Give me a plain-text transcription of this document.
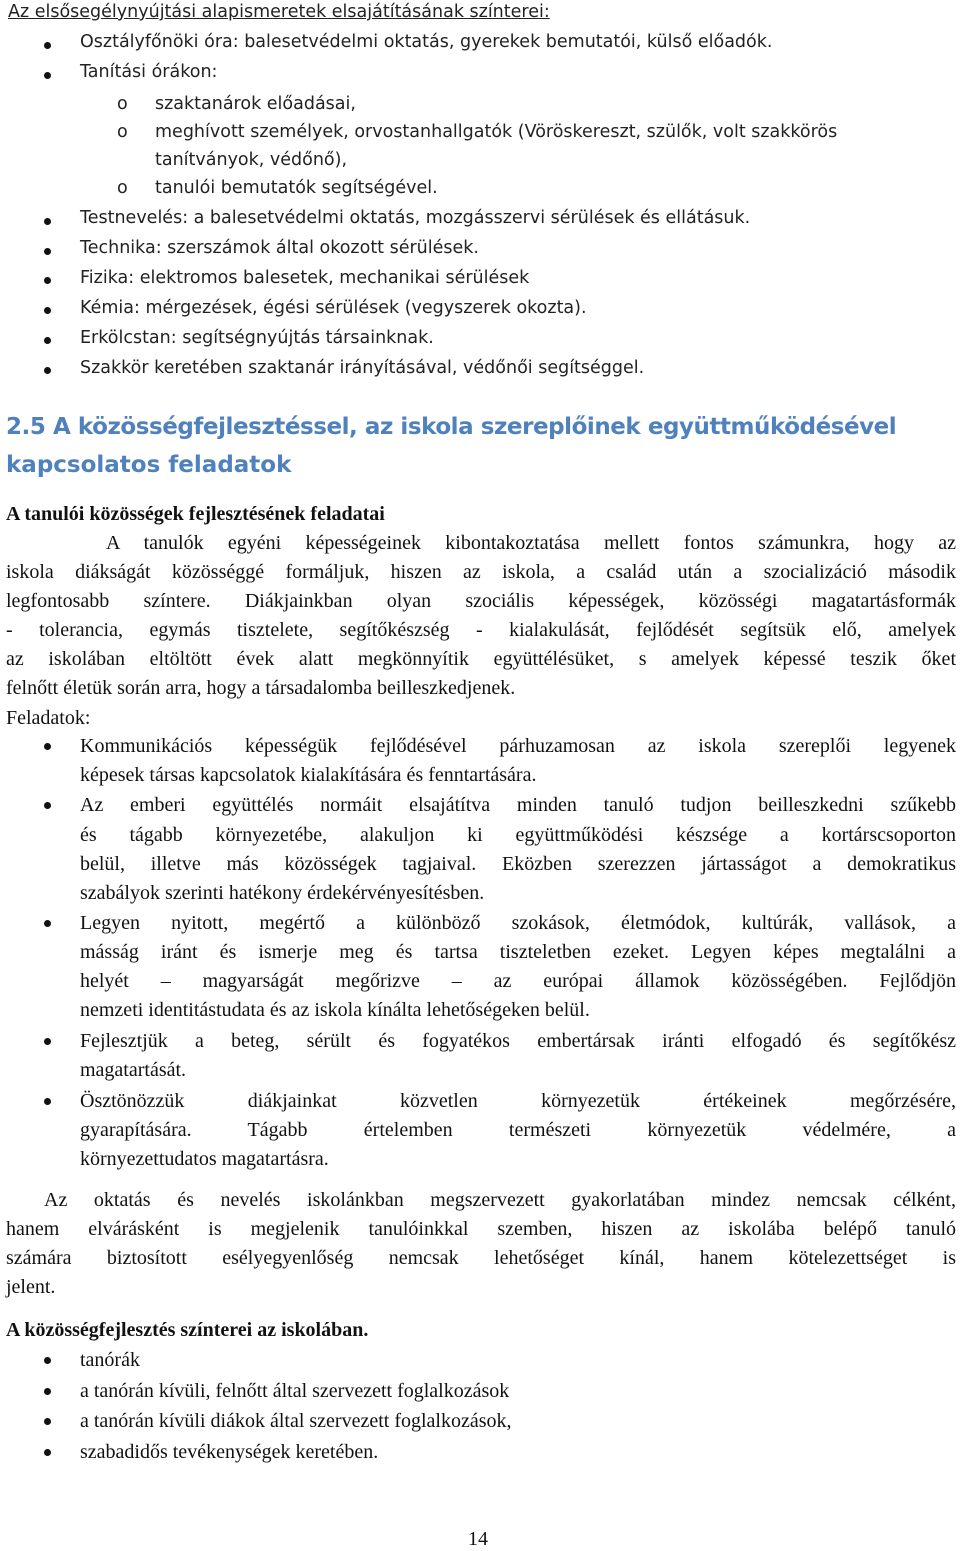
Az elsősegélynyújtási alapismeretek elsajátításának színterei:
Osztályfőnöki óra: balesetvédelmi oktatás, gyerekek bemutatói, külső előadók.
Tanítási órákon:
o szaktanárok előadásai,
o meghívott személyek, orvostanhallgatók (Vöröskereszt, szülők, volt szakkörös
tanítványok, védőnő),
o tanulói bemutatók segítségével.
Testnevelés: a balesetvédelmi oktatás, mozgásszervi sérülések és ellátásuk.
Technika: szerszámok által okozott sérülések.
Fizika: elektromos balesetek, mechanikai sérülések
Kémia: mérgezések, égési sérülések (vegyszerek okozta).
Erkölcstan: segítségnyújtás társainknak.
Szakkör keretében szaktanár irányításával, védőnői segítséggel.
2.5 A közösségfejlesztéssel, az iskola szereplőinek együttműködésével
kapcsolatos feladatok
A tanulói közösségek fejlesztésének feladatai
A tanulók egyéni képességeinek kibontakoztatása mellett fontos számunkra, hogy az
iskola diákságát közösséggé formáljuk, hiszen az iskola, a család után a szocializáció második
legfontosabb színtere. Diákjainkban olyan szociális képességek, közösségi magatartásformák
- tolerancia, egymás tisztelete, segítőkészség - kialakulását, fejlődését segítsük elő, amelyek
az iskolában eltöltött évek alatt megkönnyítik együttélésüket, s amelyek képessé teszik őket
felnőtt életük során arra, hogy a társadalomba beilleszkedjenek.
Feladatok:
Kommunikációs képességük fejlődésével párhuzamosan az iskola szereplői legyenek
képesek társas kapcsolatok kialakítására és fenntartására.
Az emberi együttélés normáit elsajátítva minden tanuló tudjon beilleszkedni szűkebb
és tágabb környezetébe, alakuljon ki együttműködési készsége a kortárscsoporton
belül, illetve más közösségek tagjaival. Eközben szerezzen jártasságot a demokratikus
szabályok szerinti hatékony érdekérvényesítésben.
Legyen nyitott, megértő a különböző szokások, életmódok, kultúrák, vallások, a
másság iránt és ismerje meg és tartsa tiszteletben ezeket. Legyen képes megtalálni a
helyét – magyarságát megőrizve – az európai államok közösségében. Fejlődjön
nemzeti identitástudata és az iskola kínálta lehetőségeken belül.
Fejlesztjük a beteg, sérült és fogyatékos embertársak iránti elfogadó és segítőkész
magatartását.
Ösztönözzük diákjainkat közvetlen környezetük értékeinek megőrzésére,
gyarapítására. Tágabb értelemben természeti környezetük védelmére, a
környezettudatos magatartásra.
Az oktatás és nevelés iskolánkban megszervezett gyakorlatában mindez nemcsak célként,
hanem elvárásként is megjelenik tanulóinkkal szemben, hiszen az iskolába belépő tanuló
számára biztosított esélyegyenlőség nemcsak lehetőséget kínál, hanem kötelezettséget is
jelent.
A közösségfejlesztés színterei az iskolában.
tanórák
a tanórán kívüli, felnőtt által szervezett foglalkozások
a tanórán kívüli diákok által szervezett foglalkozások,
szabadidős tevékenységek keretében.
14
